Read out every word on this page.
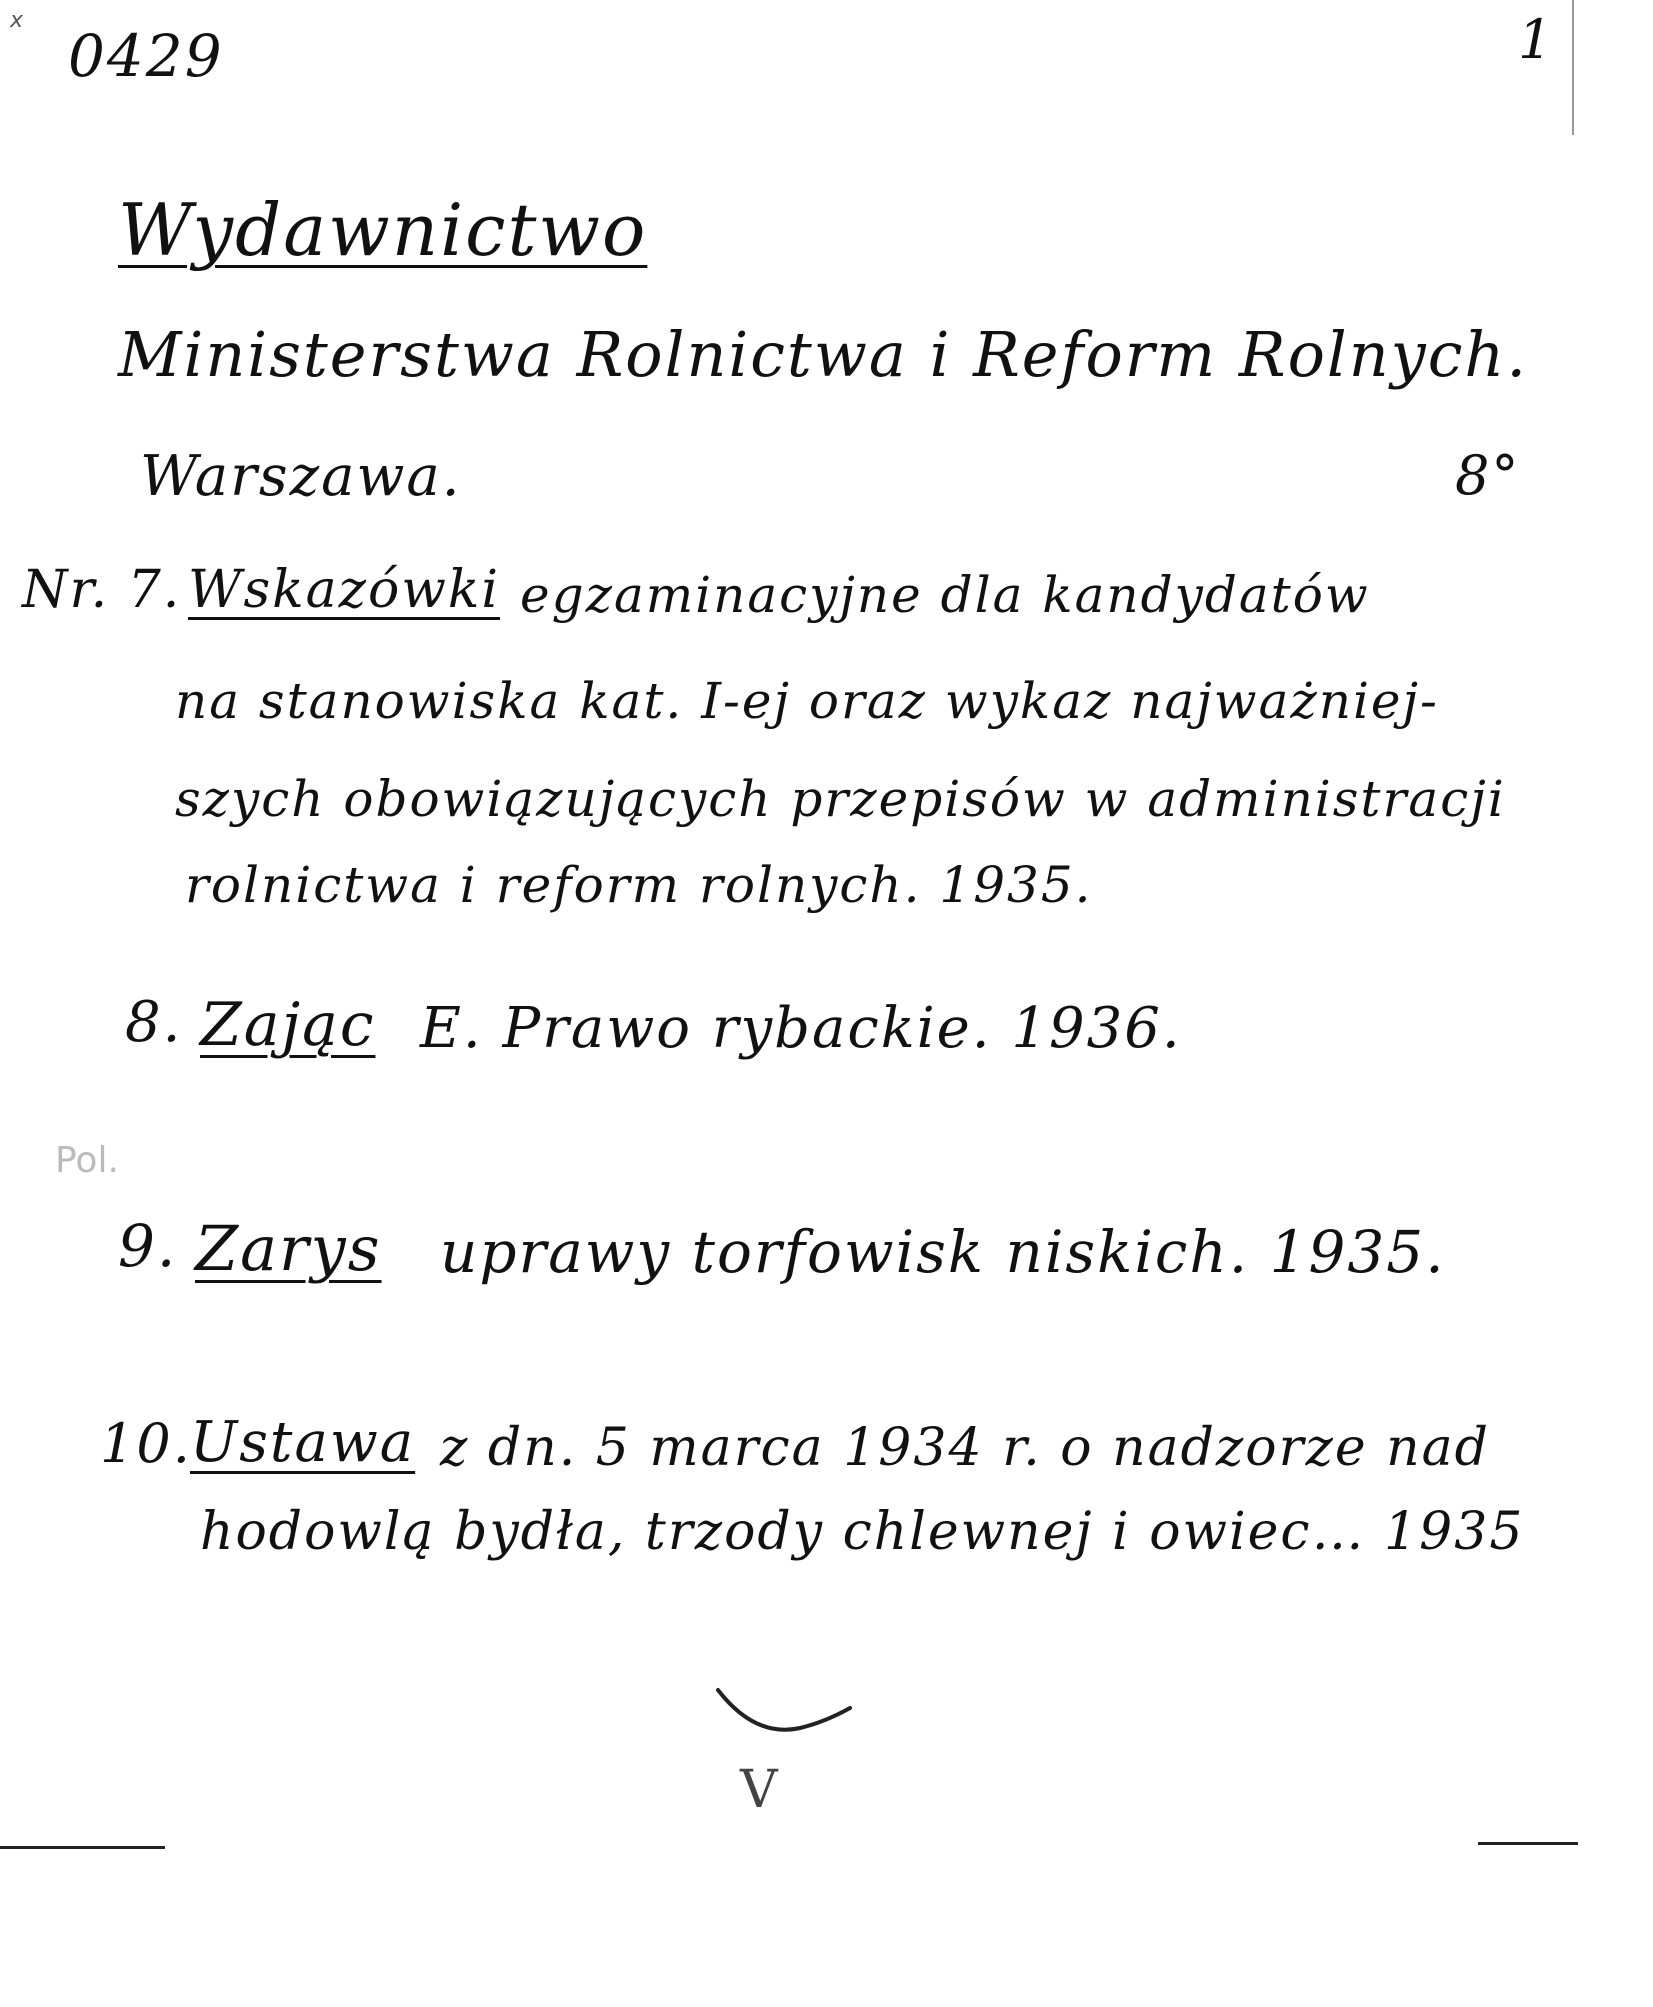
x
0429	1
Wydawnictwo
Ministerstwa Rolnictwa i Reform Rolnych.
Warszawa.	8°
Nr. 7. Wskazówki egzaminacyjne dla kandydatów
na stanowiska kat. I-ej oraz wykaz najważniej-
szych obowiązujących przepisów w administracji
rolnictwa i reform rolnych. 1935.
8. Zając E. Prawo rybackie. 1936.
Pol.
9. Zarys uprawy torfowisk niskich. 1935.
10.
Ustawa z dn. 5 marca 1934 r. o nadzorze nad
hodowlą bydła, trzody chlewnej i owiec… 1935
V
